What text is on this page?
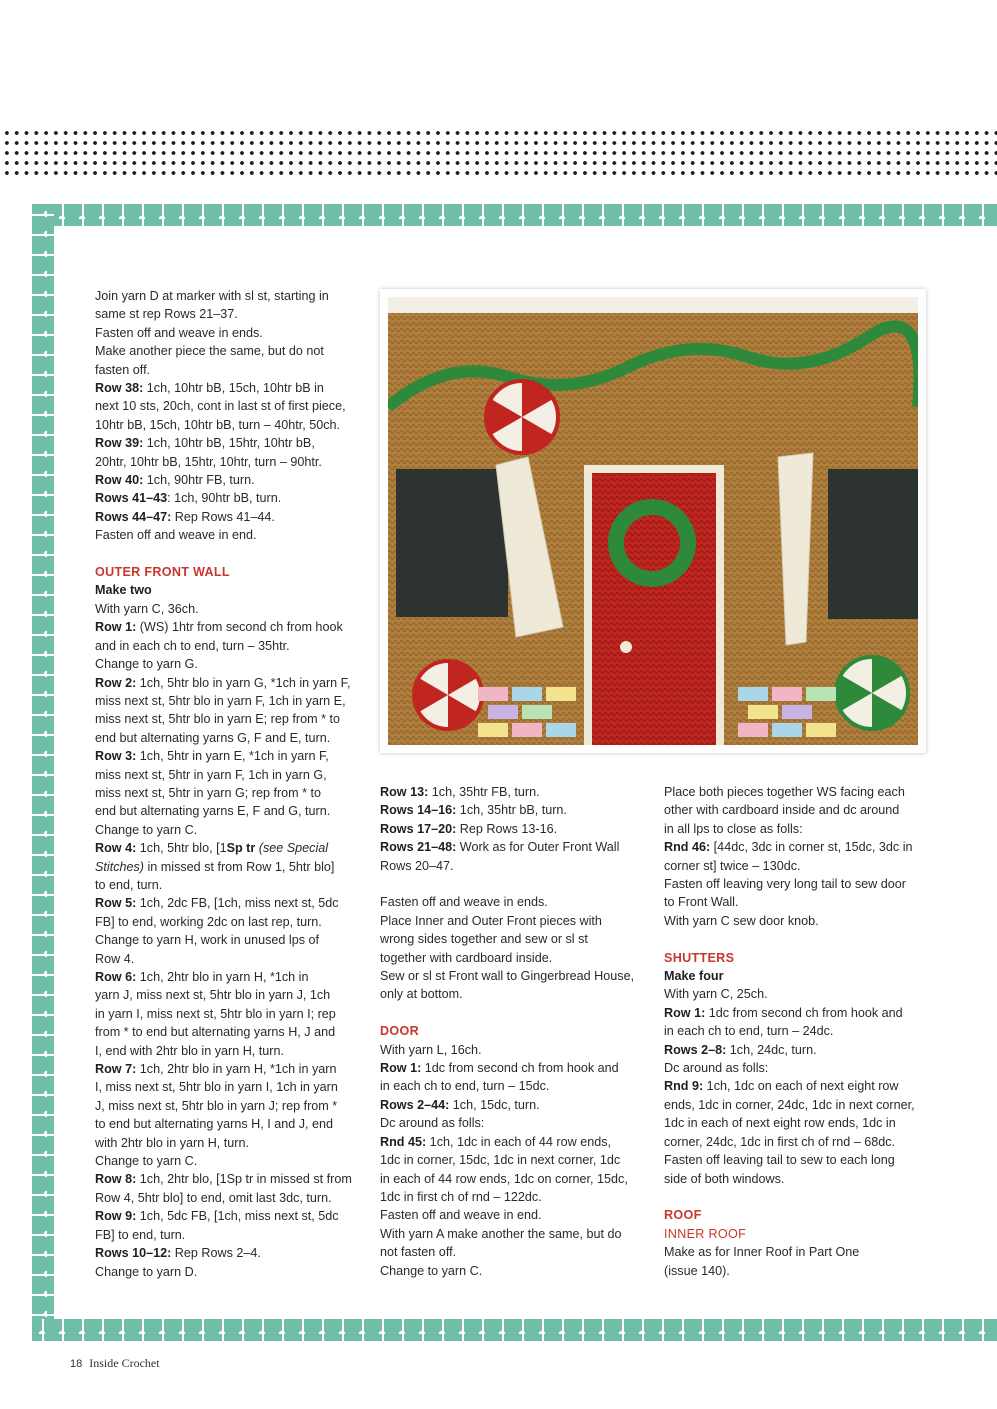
Join yarn D at marker with sl st, starting in

same st rep Rows 21–37.

Fasten off and weave in ends.

Make another piece the same, but do not

fasten off.

Row 38: 1ch, 10htr bB, 15ch, 10htr bB in

next 10 sts, 20ch, cont in last st of first piece,

10htr bB, 15ch, 10htr bB, turn – 40htr, 50ch.

Row 39: 1ch, 10htr bB, 15htr, 10htr bB,

20htr, 10htr bB, 15htr, 10htr, turn – 90htr.

Row 40: 1ch, 90htr FB, turn.

Rows 41–43: 1ch, 90htr bB, turn.

Rows 44–47: Rep Rows 41–44.

Fasten off and weave in end.

OUTER FRONT WALL

Make two

With yarn C, 36ch.

Row 1: (WS) 1htr from second ch from hook

and in each ch to end, turn – 35htr.

Change to yarn G.

Row 2: 1ch, 5htr blo in yarn G, *1ch in yarn F,

miss next st, 5htr blo in yarn F, 1ch in yarn E,

miss next st, 5htr blo in yarn E; rep from * to

end but alternating yarns G, F and E, turn.

Row 3: 1ch, 5htr in yarn E, *1ch in yarn F,

miss next st, 5htr in yarn F, 1ch in yarn G,

miss next st, 5htr in yarn G; rep from * to

end but alternating yarns E, F and G, turn.

Change to yarn C.

Row 4: 1ch, 5htr blo, [1Sp tr (see Special

Stitches) in missed st from Row 1, 5htr blo]

to end, turn.

Row 5: 1ch, 2dc FB, [1ch, miss next st, 5dc

FB] to end, working 2dc on last rep, turn.

Change to yarn H, work in unused lps of

Row 4.

Row 6: 1ch, 2htr blo in yarn H, *1ch in

yarn J, miss next st, 5htr blo in yarn J, 1ch

in yarn I, miss next st, 5htr blo in yarn I; rep

from * to end but alternating yarns H, J and

I, end with 2htr blo in yarn H, turn.

Row 7: 1ch, 2htr blo in yarn H, *1ch in yarn

I, miss next st, 5htr blo in yarn I, 1ch in yarn

J, miss next st, 5htr blo in yarn J; rep from *

to end but alternating yarns H, I and J, end

with 2htr blo in yarn H, turn.

Change to yarn C.

Row 8: 1ch, 2htr blo, [1Sp tr in missed st from

Row 4, 5htr blo] to end, omit last 3dc, turn.

Row 9: 1ch, 5dc FB, [1ch, miss next st, 5dc

FB] to end, turn.

Rows 10–12: Rep Rows 2–4.

Change to yarn D.

Row 13: 1ch, 35htr FB, turn.

Rows 14–16: 1ch, 35htr bB, turn.

Rows 17–20: Rep Rows 13-16.

Rows 21–48: Work as for Outer Front Wall

Rows 20–47.

Fasten off and weave in ends.

Place Inner and Outer Front pieces with

wrong sides together and sew or sl st

together with cardboard inside.

Sew or sl st Front wall to Gingerbread House,

only at bottom.

DOOR

With yarn L, 16ch.

Row 1: 1dc from second ch from hook and

in each ch to end, turn – 15dc.

Rows 2–44: 1ch, 15dc, turn.

Dc around as folls:

Rnd 45: 1ch, 1dc in each of 44 row ends,

1dc in corner, 15dc, 1dc in next corner, 1dc

in each of 44 row ends, 1dc on corner, 15dc,

1dc in first ch of rnd – 122dc.

Fasten off and weave in end.

With yarn A make another the same, but do

not fasten off.

Change to yarn C.

Place both pieces together WS facing each

other with cardboard inside and dc around

in all lps to close as folls:

Rnd 46: [44dc, 3dc in corner st, 15dc, 3dc in

corner st] twice – 130dc.

Fasten off leaving very long tail to sew door

to Front Wall.

With yarn C sew door knob.

SHUTTERS

Make four

With yarn C, 25ch.

Row 1: 1dc from second ch from hook and

in each ch to end, turn – 24dc.

Rows 2–8: 1ch, 24dc, turn.

Dc around as folls:

Rnd 9: 1ch, 1dc on each of next eight row

ends, 1dc in corner, 24dc, 1dc in next corner,

1dc in each of next eight row ends, 1dc in

corner, 24dc, 1dc in first ch of rnd – 68dc.

Fasten off leaving tail to sew to each long

side of both windows.

ROOF

INNER ROOF

Make as for Inner Roof in Part One

(issue 140).

18 Inside Crochet
